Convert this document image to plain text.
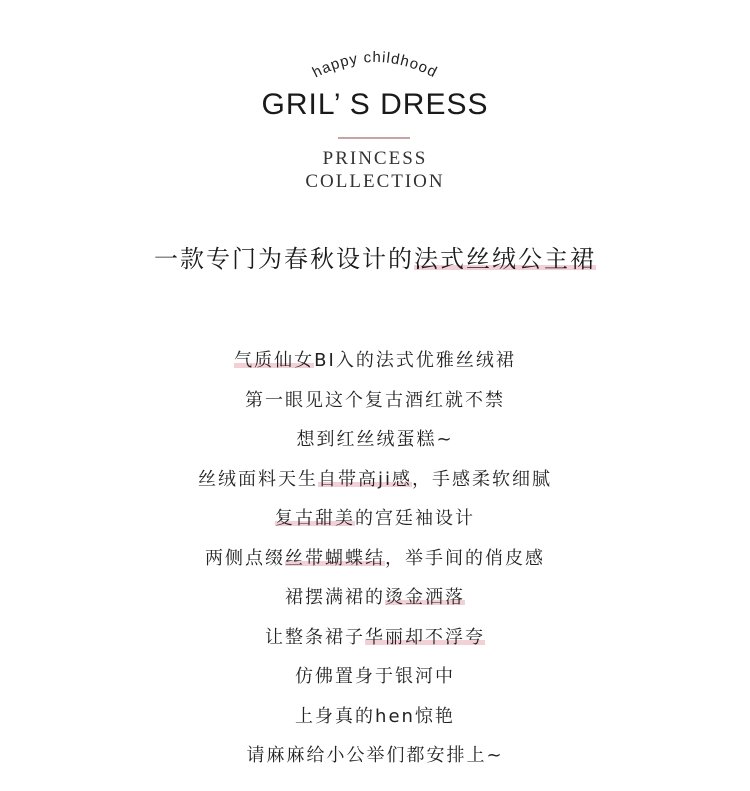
happy childhood
GRIL’ S DRESS
PRINCESS
COLLECTION
一款专门为春秋设计的法式丝绒公主裙
气质仙女BI入的法式优雅丝绒裙
第一眼见这个复古酒红就不禁
想到红丝绒蛋糕~
丝绒面料天生自带高ji感，手感柔软细腻
复古甜美的宫廷袖设计
两侧点缀丝带蝴蝶结，举手间的俏皮感
裙摆满裙的烫金洒落
让整条裙子华丽却不浮夸
仿佛置身于银河中
上身真的hen惊艳
请麻麻给小公举们都安排上~
